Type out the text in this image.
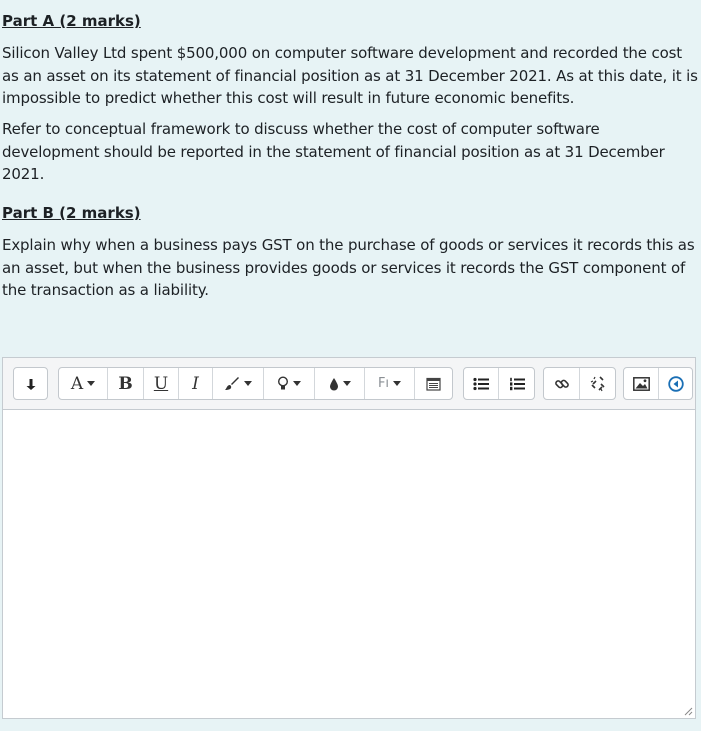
Part A (2 marks)

Silicon Valley Ltd spent $500,000 on computer software development and recorded the cost as an asset on its statement of financial position as at 31 December 2021. As at this date, it is impossible to predict whether this cost will result in future economic benefits.

Refer to conceptual framework to discuss whether the cost of computer software development should be reported in the statement of financial position as at 31 December 2021.

Part B (2 marks)

Explain why when a business pays GST on the purchase of goods or services it records this as an asset, but when the business provides goods or services it records the GST component of the transaction as a liability.

A B U I	Fı
